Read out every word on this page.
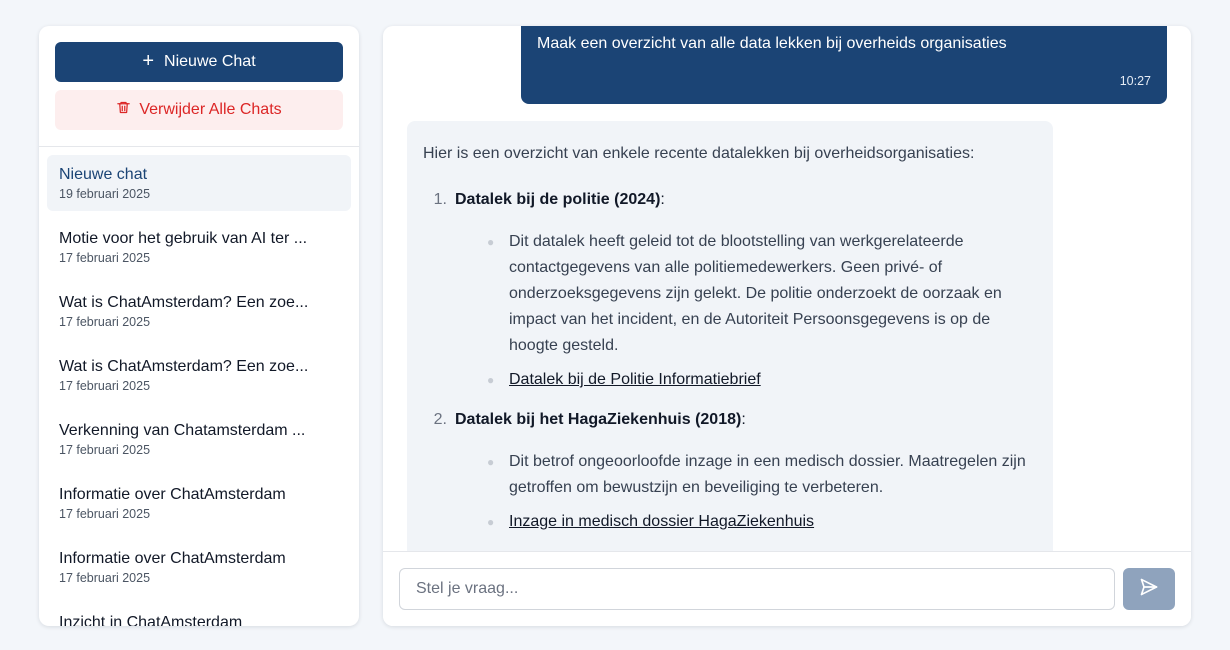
+ Nieuwe Chat
Verwijder Alle Chats
Nieuwe chat
19 februari 2025
Motie voor het gebruik van AI ter ...
17 februari 2025
Wat is ChatAmsterdam? Een zoe...
17 februari 2025
Wat is ChatAmsterdam? Een zoe...
17 februari 2025
Verkenning van Chatamsterdam ...
17 februari 2025
Informatie over ChatAmsterdam
17 februari 2025
Informatie over ChatAmsterdam
17 februari 2025
Inzicht in ChatAmsterdam
Maak een overzicht van alle data lekken bij overheids organisaties
10:27
Hier is een overzicht van enkele recente datalekken bij overheidsorganisaties:
1. Datalek bij de politie (2024):
● Dit datalek heeft geleid tot de blootstelling van werkgerelateerde contactgegevens van alle politiemedewerkers. Geen privé- of onderzoeksgegevens zijn gelekt. De politie onderzoekt de oorzaak en impact van het incident, en de Autoriteit Persoonsgegevens is op de hoogte gesteld.
● Datalek bij de Politie Informatiebrief
2. Datalek bij het HagaZiekenhuis (2018):
● Dit betrof ongeoorloofde inzage in een medisch dossier. Maatregelen zijn getroffen om bewustzijn en beveiliging te verbeteren.
● Inzage in medisch dossier HagaZiekenhuis
Stel je vraag...
